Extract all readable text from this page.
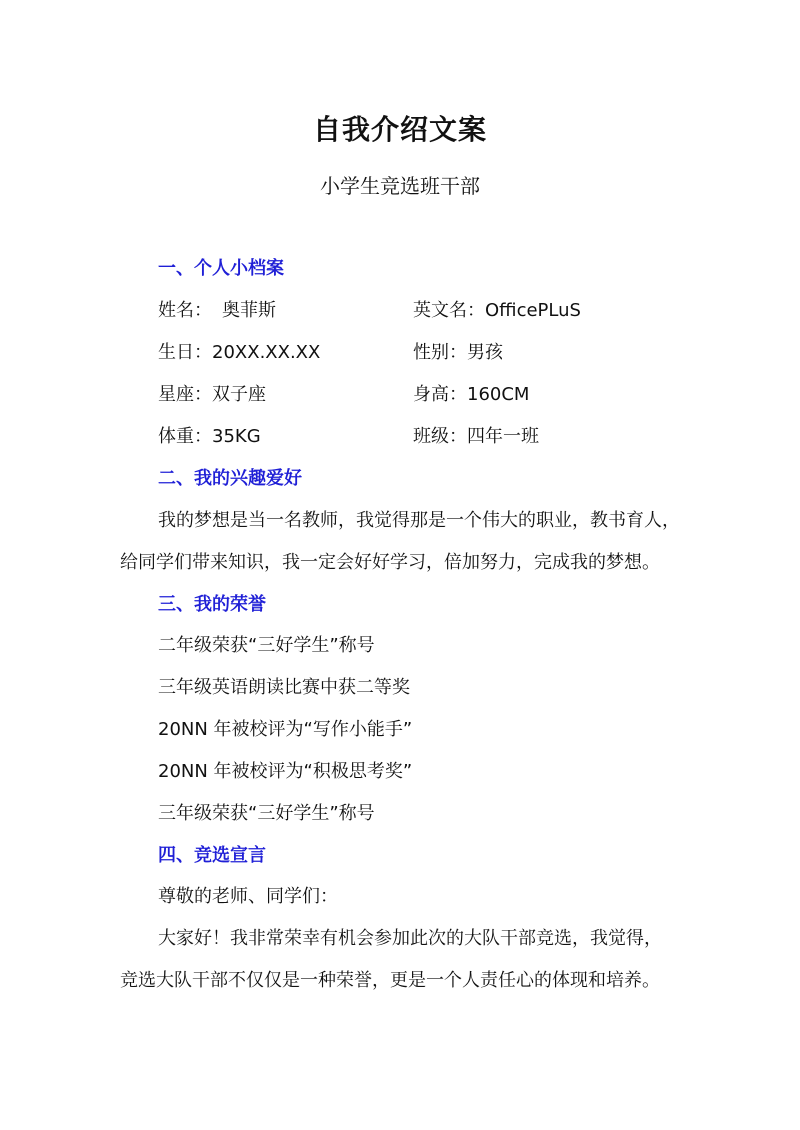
自我介绍文案
小学生竞选班干部
一、个人小档案
姓名： 奥菲斯	英文名：OfficePLuS
生日：20XX.XX.XX	性别：男孩
星座：双子座	身高：160CM
体重：35KG	班级：四年一班
二、我的兴趣爱好
我的梦想是当一名教师，我觉得那是一个伟大的职业，教书育人，
给同学们带来知识，我一定会好好学习，倍加努力，完成我的梦想。
三、我的荣誉
二年级荣获“三好学生”称号
三年级英语朗读比赛中获二等奖
20NN 年被校评为“写作小能手”
20NN 年被校评为“积极思考奖”
三年级荣获“三好学生”称号
四、竞选宣言
尊敬的老师、同学们：
大家好！我非常荣幸有机会参加此次的大队干部竞选，我觉得，
竞选大队干部不仅仅是一种荣誉，更是一个人责任心的体现和培养。
